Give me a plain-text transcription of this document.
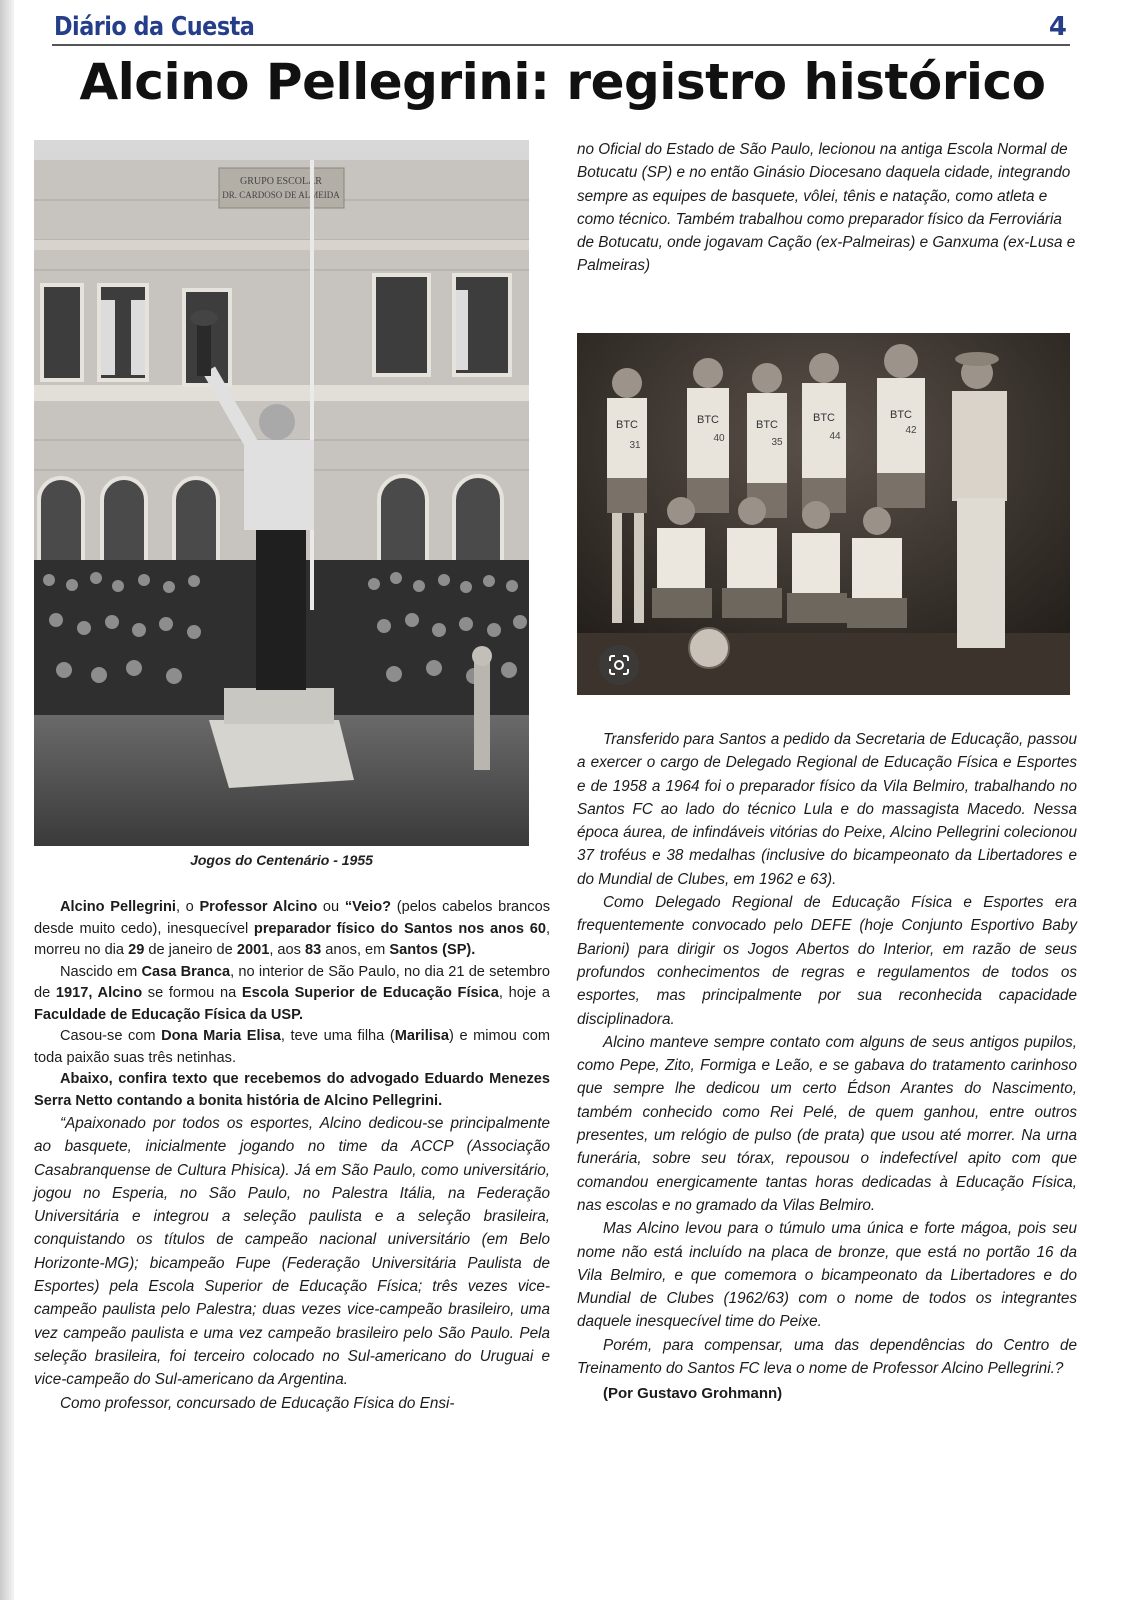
Diário da Cuesta	4
Alcino Pellegrini: registro histórico
GRUPO ESCOLAR
DR. CARDOSO DE ALMEIDA
Jogos do Centenário - 1955

Alcino Pellegrini, o Professor Alcino ou “Veio? (pelos cabelos brancos desde muito cedo), inesquecível preparador físico do Santos nos anos 60, morreu no dia 29 de janeiro de 2001, aos 83 anos, em Santos (SP).

Nascido em Casa Branca, no interior de São Paulo, no dia 21 de setembro de 1917, Alcino se formou na Escola Superior de Educação Física, hoje a Faculdade de Educação Física da USP.

Casou-se com Dona Maria Elisa, teve uma filha (Marilisa) e mimou com toda paixão suas três netinhas.

Abaixo, confira texto que recebemos do advogado Eduardo Menezes Serra Netto contando a bonita história de Alcino Pellegrini.

“Apaixonado por todos os esportes, Alcino dedicou-se principalmente ao basquete, inicialmente jogando no time da ACCP (Associação Casabranquense de Cultura Phisica). Já em São Paulo, como universitário, jogou no Esperia, no São Paulo, no Palestra Itália, na Federação Universitária e integrou a seleção paulista e a seleção brasileira, conquistando os títulos de campeão nacional universitário (em Belo Horizonte-MG); bicampeão Fupe (Federação Universitária Paulista de Esportes) pela Escola Superior de Educação Física; três vezes vice-campeão paulista pelo Palestra; duas vezes vice-campeão brasileiro, uma vez campeão paulista e uma vez campeão brasileiro pelo São Paulo. Pela seleção brasileira, foi terceiro colocado no Sul-americano do Uruguai e vice-campeão do Sul-americano da Argentina.

Como professor, concursado de Educação Física do Ensi-

no Oficial do Estado de São Paulo, lecionou na antiga Escola Normal de Botucatu (SP) e no então Ginásio Diocesano daquela cidade, integrando sempre as equipes de basquete, vôlei, tênis e natação, como atleta e como técnico. Também trabalhou como preparador físico da Ferroviária de Botucatu, onde jogavam Cação (ex-Palmeiras) e Ganxuma (ex-Lusa e Palmeiras)

BTC	BTC	BTC
BTC	BTC
31
40	35
44
42

Transferido para Santos a pedido da Secretaria de Educação, passou a exercer o cargo de Delegado Regional de Educação Física e Esportes e de 1958 a 1964 foi o preparador físico da Vila Belmiro, trabalhando no Santos FC ao lado do técnico Lula e do massagista Macedo. Nessa época áurea, de infindáveis vitórias do Peixe, Alcino Pellegrini colecionou 37 troféus e 38 medalhas (inclusive do bicampeonato da Libertadores e do Mundial de Clubes, em 1962 e 63).

Como Delegado Regional de Educação Física e Esportes era frequentemente convocado pelo DEFE (hoje Conjunto Esportivo Baby Barioni) para dirigir os Jogos Abertos do Interior, em razão de seus profundos conhecimentos de regras e regulamentos de todos os esportes, mas principalmente por sua reconhecida capacidade disciplinadora.

Alcino manteve sempre contato com alguns de seus antigos pupilos, como Pepe, Zito, Formiga e Leão, e se gabava do tratamento carinhoso que sempre lhe dedicou um certo Édson Arantes do Nascimento, também conhecido como Rei Pelé, de quem ganhou, entre outros presentes, um relógio de pulso (de prata) que usou até morrer. Na urna funerária, sobre seu tórax, repousou o indefectível apito com que comandou energicamente tantas horas dedicadas à Educação Física, nas escolas e no gramado da Vilas Belmiro.

Mas Alcino levou para o túmulo uma única e forte mágoa, pois seu nome não está incluído na placa de bronze, que está no portão 16 da Vila Belmiro, e que comemora o bicampeonato da Libertadores e do Mundial de Clubes (1962/63) com o nome de todos os integrantes daquele inesquecível time do Peixe.

Porém, para compensar, uma das dependências do Centro de Treinamento do Santos FC leva o nome de Professor Alcino Pellegrini.?

(Por Gustavo Grohmann)
